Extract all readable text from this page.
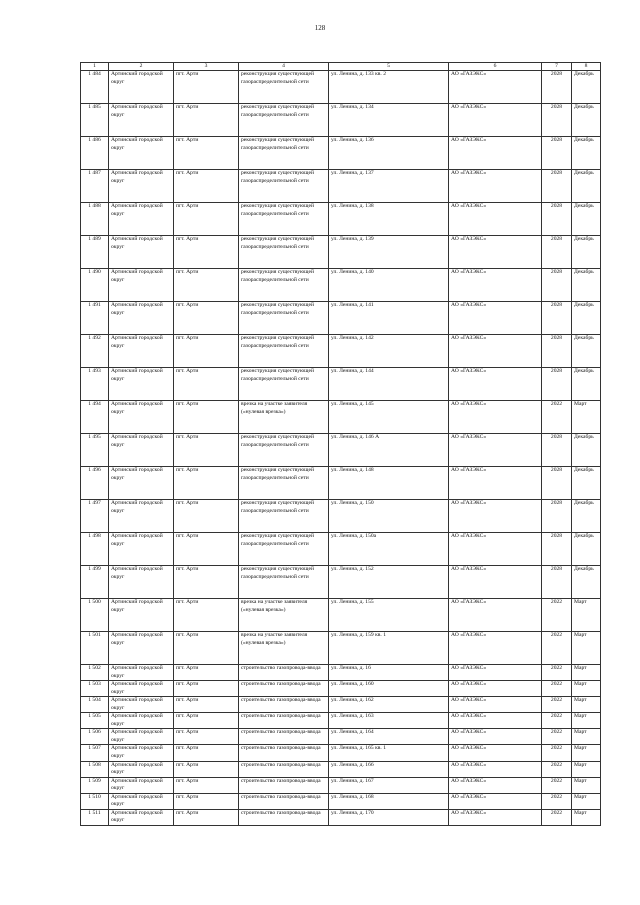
128
1	2	3	4	5	6	7	8
1 484	Артинский городской округ	пгт. Арти	реконструкция существующей газораспределительной сети	ул. Ленина, д. 133 кв. 2	АО «ГАЗЭКС»	2028	Декабрь
1 485	Артинский городской округ	пгт. Арти	реконструкция существующей газораспределительной сети	ул. Ленина, д. 134	АО «ГАЗЭКС»	2028	Декабрь
1 486	Артинский городской округ	пгт. Арти	реконструкция существующей газораспределительной сети	ул. Ленина, д. 136	АО «ГАЗЭКС»	2028	Декабрь
1 487	Артинский городской округ	пгт. Арти	реконструкция существующей газораспределительной сети	ул. Ленина, д. 137	АО «ГАЗЭКС»	2028	Декабрь
1 488	Артинский городской округ	пгт. Арти	реконструкция существующей газораспределительной сети	ул. Ленина, д. 138	АО «ГАЗЭКС»	2028	Декабрь
1 489	Артинский городской округ	пгт. Арти	реконструкция существующей газораспределительной сети	ул. Ленина, д. 139	АО «ГАЗЭКС»	2028	Декабрь
1 490	Артинский городской округ	пгт. Арти	реконструкция существующей газораспределительной сети	ул. Ленина, д. 140	АО «ГАЗЭКС»	2028	Декабрь
1 491	Артинский городской округ	пгт. Арти	реконструкция существующей газораспределительной сети	ул. Ленина, д. 141	АО «ГАЗЭКС»	2028	Декабрь
1 492	Артинский городской округ	пгт. Арти	реконструкция существующей газораспределительной сети	ул. Ленина, д. 142	АО «ГАЗЭКС»	2028	Декабрь
1 493	Артинский городской округ	пгт. Арти	реконструкция существующей газораспределительной сети	ул. Ленина, д. 144	АО «ГАЗЭКС»	2028	Декабрь
1 494	Артинский городской округ	пгт. Арти	врезка на участке заявителя («нулевая врезка»)	ул. Ленина, д. 145	АО «ГАЗЭКС»	2022	Март
1 495	Артинский городской округ	пгт. Арти	реконструкция существующей газораспределительной сети	ул. Ленина, д. 146 А	АО «ГАЗЭКС»	2028	Декабрь
1 496	Артинский городской округ	пгт. Арти	реконструкция существующей газораспределительной сети	ул. Ленина, д. 148	АО «ГАЗЭКС»	2028	Декабрь
1 497	Артинский городской округ	пгт. Арти	реконструкция существующей газораспределительной сети	ул. Ленина, д. 150	АО «ГАЗЭКС»	2028	Декабрь
1 498	Артинский городской округ	пгт. Арти	реконструкция существующей газораспределительной сети	ул. Ленина, д. 150а	АО «ГАЗЭКС»	2028	Декабрь
1 499	Артинский городской округ	пгт. Арти	реконструкция существующей газораспределительной сети	ул. Ленина, д. 152	АО «ГАЗЭКС»	2028	Декабрь
1 500	Артинский городской округ	пгт. Арти	врезка на участке заявителя («нулевая врезка»)	ул. Ленина, д. 155	АО «ГАЗЭКС»	2022	Март
1 501	Артинский городской округ	пгт. Арти	врезка на участке заявителя («нулевая врезка»)	ул. Ленина, д. 159 кв. 1	АО «ГАЗЭКС»	2022	Март
1 502	Артинский городской округ	пгт. Арти	строительство газопровода-ввода	ул. Ленина, д. 16	АО «ГАЗЭКС»	2022	Март
1 503	Артинский городской округ	пгт. Арти	строительство газопровода-ввода	ул. Ленина, д. 160	АО «ГАЗЭКС»	2022	Март
1 504	Артинский городской округ	пгт. Арти	строительство газопровода-ввода	ул. Ленина, д. 162	АО «ГАЗЭКС»	2022	Март
1 505	Артинский городской округ	пгт. Арти	строительство газопровода-ввода	ул. Ленина, д. 163	АО «ГАЗЭКС»	2022	Март
1 506	Артинский городской округ	пгт. Арти	строительство газопровода-ввода	ул. Ленина, д. 164	АО «ГАЗЭКС»	2022	Март
1 507	Артинский городской округ	пгт. Арти	строительство газопровода-ввода	ул. Ленина, д. 165 кв. 1	АО «ГАЗЭКС»	2022	Март
1 508	Артинский городской округ	пгт. Арти	строительство газопровода-ввода	ул. Ленина, д. 166	АО «ГАЗЭКС»	2022	Март
1 509	Артинский городской округ	пгт. Арти	строительство газопровода-ввода	ул. Ленина, д. 167	АО «ГАЗЭКС»	2022	Март
1 510	Артинский городской округ	пгт. Арти	строительство газопровода-ввода	ул. Ленина, д. 168	АО «ГАЗЭКС»	2022	Март
1 511	Артинский городской округ	пгт. Арти	строительство газопровода-ввода	ул. Ленина, д. 170	АО «ГАЗЭКС»	2022	Март
